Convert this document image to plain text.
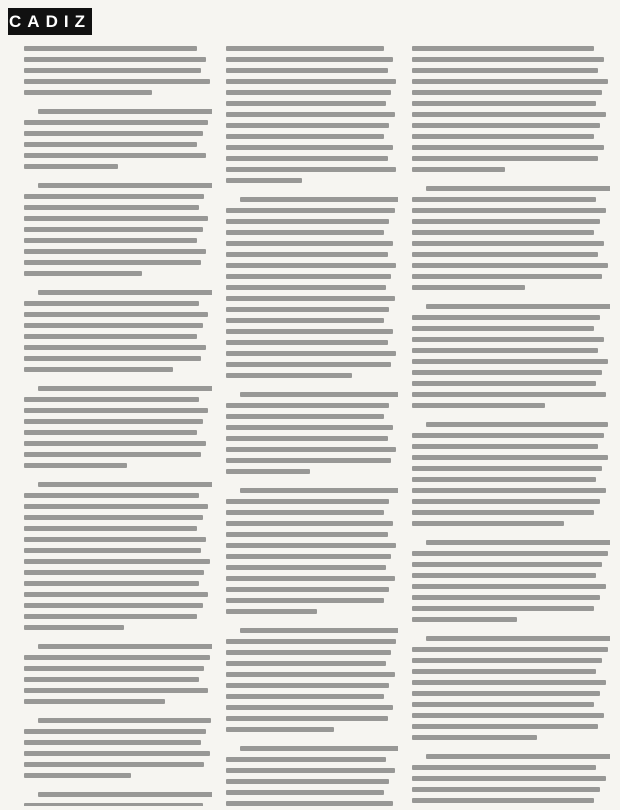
CADIZ
